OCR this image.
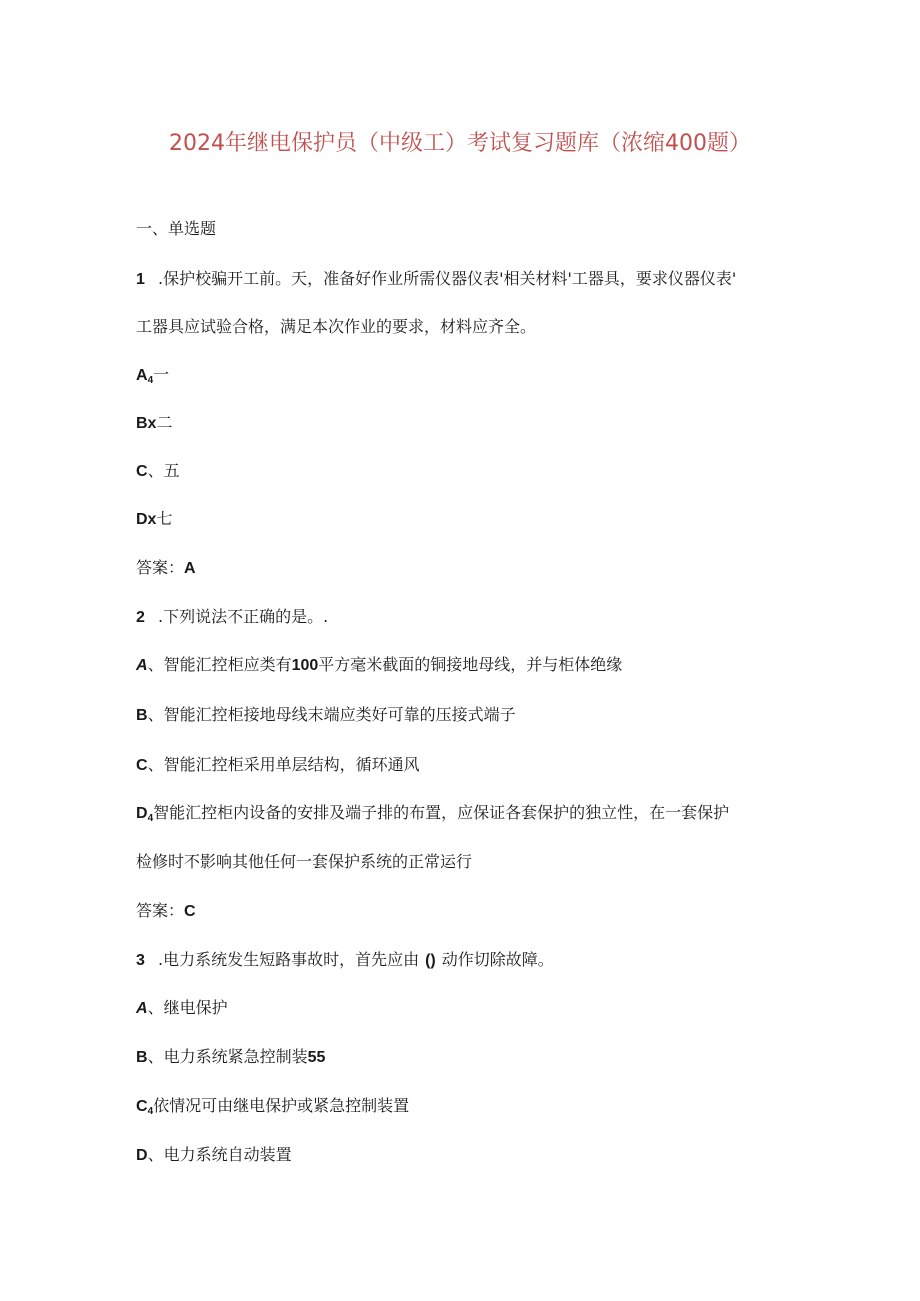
2024年继电保护员（中级工）考试复习题库（浓缩400题）
一、单选题
1 .保护校骗开工前。天，准备好作业所需仪器仪表'相关材料'工器具，要求仪器仪表'
工器具应试验合格，满足本次作业的要求，材料应齐全。
A4一
Bx二
C、五
Dx七
答案：A
2 .下列说法不正确的是。.
A、智能汇控柜应类有100平方毫米截面的铜接地母线，并与柜体绝缘
B、智能汇控柜接地母线末端应类好可靠的压接式端子
C、智能汇控柜采用单层结构，循环通风
D4智能汇控柜内设备的安排及端子排的布置，应保证各套保护的独立性，在一套保护
检修时不影响其他任何一套保护系统的正常运行
答案：C
3 .电力系统发生短路事故时，首先应由 () 动作切除故障。
A、继电保护
B、电力系统紧急控制装55
C4依情况可由继电保护或紧急控制装置
D、电力系统自动装置
